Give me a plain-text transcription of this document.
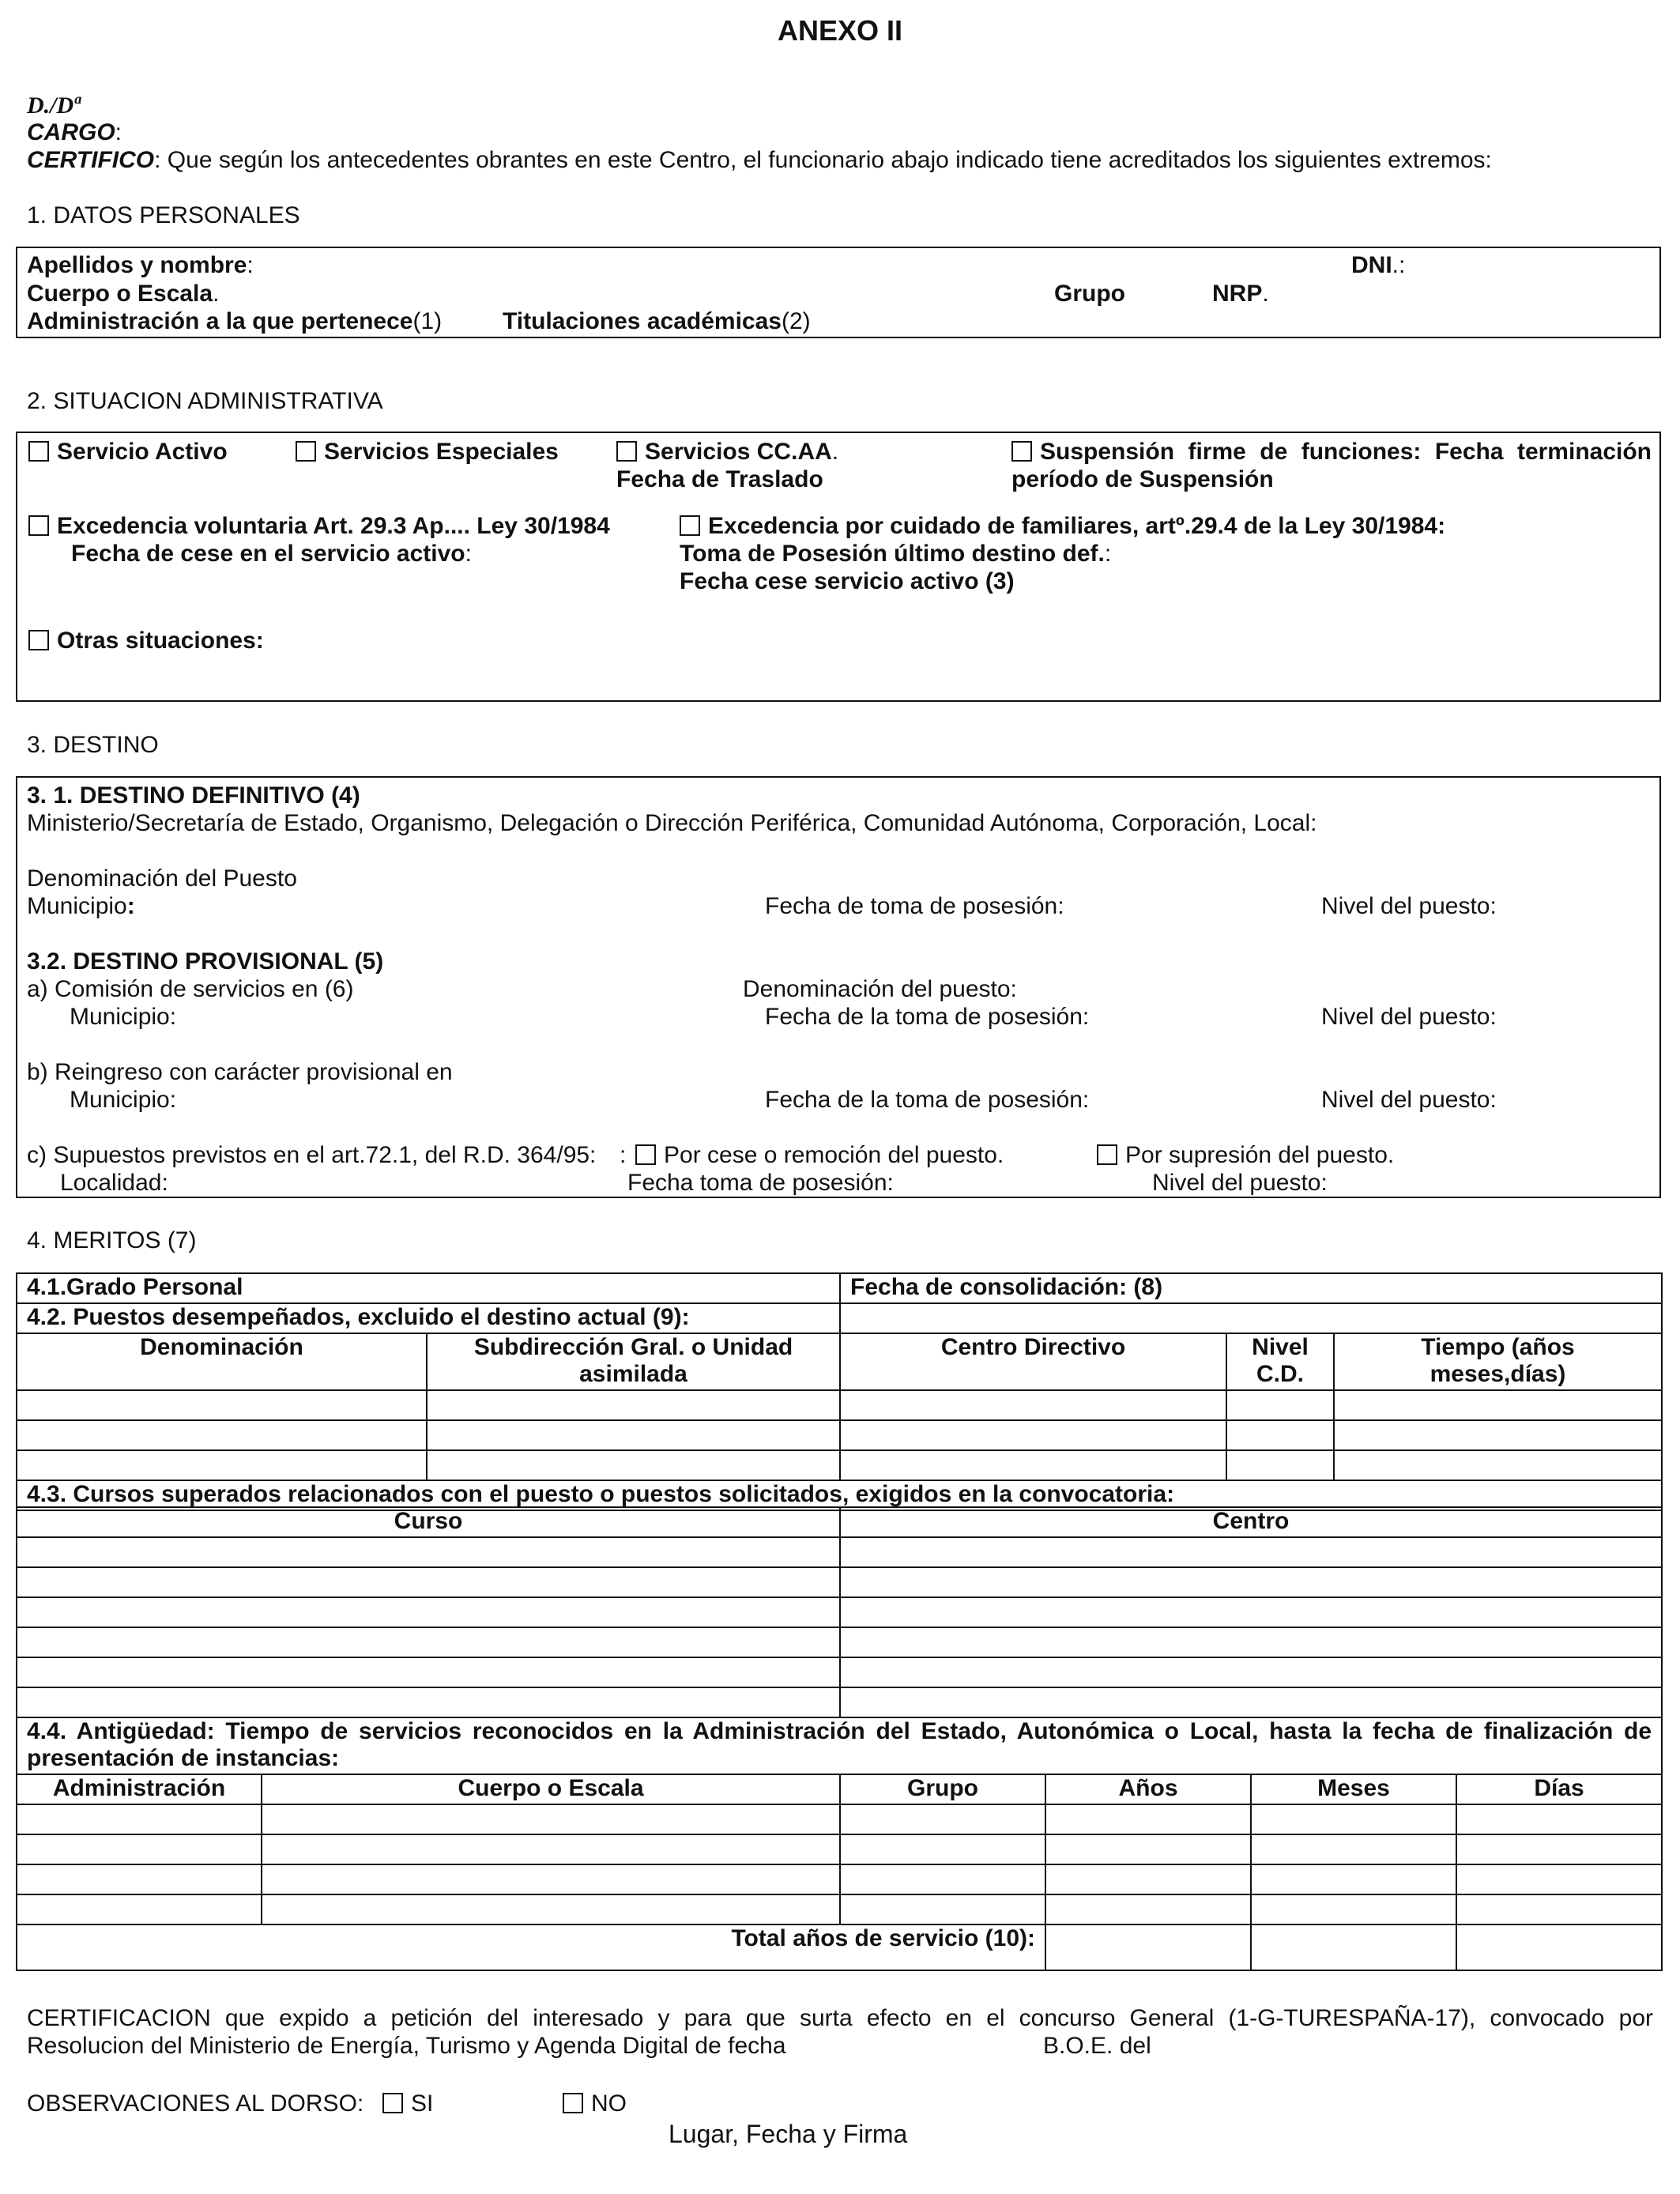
ANEXO II
D./Dª
CARGO:
CERTIFICO: Que según los antecedentes obrantes en este Centro, el funcionario abajo indicado tiene acreditados los siguientes extremos:
1. DATOS PERSONALES
Apellidos y nombre:	DNI.:
Cuerpo o Escala.	Grupo	NRP.
Administración a la que pertenece(1)	Titulaciones académicas(2)
2. SITUACION ADMINISTRATIVA
Servicio Activo	Servicios Especiales	Servicios CC.AA.
Fecha de Traslado
Suspensión firme de funciones: Fecha terminación
período de Suspensión
Excedencia voluntaria Art. 29.3 Ap.... Ley 30/1984
Fecha de cese en el servicio activo:
Excedencia por cuidado de familiares, artº.29.4 de la Ley 30/1984:
Toma de Posesión último destino def.:
Fecha cese servicio activo (3)
Otras situaciones:
3. DESTINO
3. 1. DESTINO DEFINITIVO (4)
Ministerio/Secretaría de Estado, Organismo, Delegación o Dirección Periférica, Comunidad Autónoma, Corporación, Local:
Denominación del Puesto
Municipio:	Fecha de toma de posesión:	Nivel del puesto:
3.2. DESTINO PROVISIONAL (5)
a) Comisión de servicios en (6)	Denominación del puesto:
Municipio:	Fecha de la toma de posesión:	Nivel del puesto:
b) Reingreso con carácter provisional en
Municipio:	Fecha de la toma de posesión:	Nivel del puesto:
c) Supuestos previstos en el art.72.1, del R.D. 364/95: :	Por cese o remoción del puesto.	Por supresión del puesto.
Localidad:	Fecha toma de posesión:	Nivel del puesto:
4. MERITOS (7)
4.1.Grado Personal		Fecha de consolidación: (8)		
4.2. Puestos desempeñados, excluido el destino actual (9):				
Denominación	Subdirección Gral. o Unidad asimilada	Centro Directivo	Nivel C.D.	Tiempo (años meses,días)

4.3. Cursos superados relacionados con el puesto o puestos solicitados, exigidos en la convocatoria:				
Curso	Centro

4.4. Antigüedad: Tiempo de servicios reconocidos en la Administración del Estado, Autonómica o Local, hasta la fecha de finalización de presentación de instancias:					
Administración	Cuerpo o Escala	Grupo	Años	Meses	Días

Total años de servicio (10):					
CERTIFICACION que expido a petición del interesado y para que surta efecto en el concurso General (1-G-TURESPAÑA-17), convocado por
Resolucion del Ministerio de Energía, Turismo y Agenda Digital de fecha	B.O.E. del
OBSERVACIONES AL DORSO:	SI	NO
Lugar, Fecha y Firma
